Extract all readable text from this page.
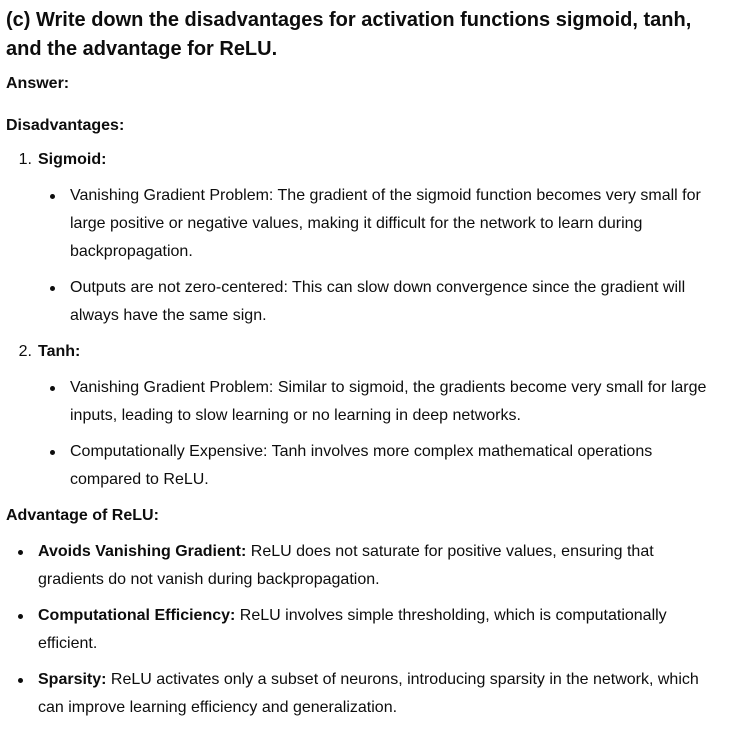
(c) Write down the disadvantages for activation functions sigmoid, tanh, and the advantage for ReLU.

Answer:

Disadvantages:

1. Sigmoid:
Vanishing Gradient Problem: The gradient of the sigmoid function becomes very small for large positive or negative values, making it difficult for the network to learn during backpropagation.
Outputs are not zero-centered: This can slow down convergence since the gradient will always have the same sign.
2. Tanh:
Vanishing Gradient Problem: Similar to sigmoid, the gradients become very small for large inputs, leading to slow learning or no learning in deep networks.
Computationally Expensive: Tanh involves more complex mathematical operations compared to ReLU.

Advantage of ReLU:

Avoids Vanishing Gradient: ReLU does not saturate for positive values, ensuring that gradients do not vanish during backpropagation.
Computational Efficiency: ReLU involves simple thresholding, which is computationally efficient.
Sparsity: ReLU activates only a subset of neurons, introducing sparsity in the network, which can improve learning efficiency and generalization.
